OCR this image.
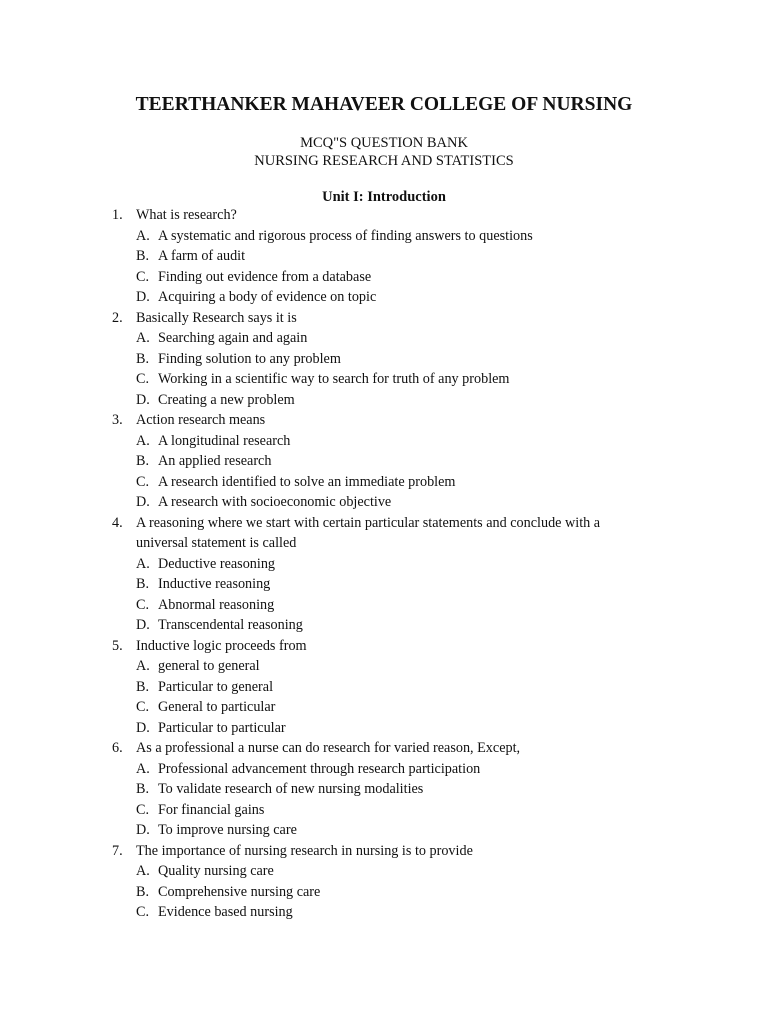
TEERTHANKER MAHAVEER COLLEGE OF NURSING
MCQ"S QUESTION BANK
NURSING RESEARCH AND STATISTICS
Unit I: Introduction
1. What is research?
A. A systematic and rigorous process of finding answers to questions
B. A farm of audit
C. Finding out evidence from a database
D. Acquiring a body of evidence on topic
2. Basically Research says it is
A. Searching again and again
B. Finding solution to any problem
C. Working in a scientific way to search for truth of any problem
D. Creating a new problem
3. Action research means
A. A longitudinal research
B. An applied research
C. A research identified to solve an immediate problem
D. A research with socioeconomic objective
4. A reasoning where we start with certain particular statements and conclude with a
universal statement is called
A. Deductive reasoning
B. Inductive reasoning
C. Abnormal reasoning
D. Transcendental reasoning
5. Inductive logic proceeds from
A. general to general
B. Particular to general
C. General to particular
D. Particular to particular
6. As a professional a nurse can do research for varied reason, Except,
A. Professional advancement through research participation
B. To validate research of new nursing modalities
C. For financial gains
D. To improve nursing care
7. The importance of nursing research in nursing is to provide
A. Quality nursing care
B. Comprehensive nursing care
C. Evidence based nursing
